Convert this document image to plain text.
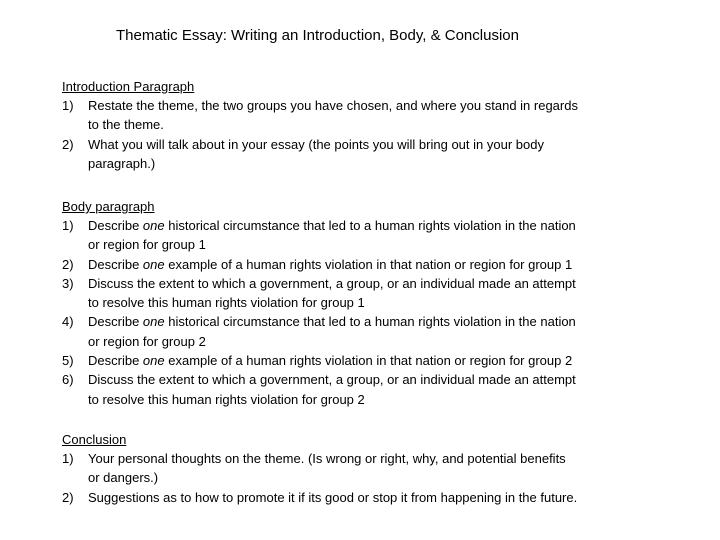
Thematic Essay: Writing an Introduction, Body, & Conclusion
Introduction Paragraph
1)	Restate the theme, the two groups you have chosen, and where you stand in regards
to the theme.
2)	What you will talk about in your essay (the points you will bring out in your body
paragraph.)
Body paragraph
1)	Describe one historical circumstance that led to a human rights violation in the nation
or region for group 1
2)	Describe one example of a human rights violation in that nation or region for group 1
3)	Discuss the extent to which a government, a group, or an individual made an attempt
to resolve this human rights violation for group 1
4)	Describe one historical circumstance that led to a human rights violation in the nation
or region for group 2
5)	Describe one example of a human rights violation in that nation or region for group 2
6)	Discuss the extent to which a government, a group, or an individual made an attempt
to resolve this human rights violation for group 2
Conclusion
1)	Your personal thoughts on the theme. (Is wrong or right, why, and potential benefits
or dangers.)
2)	Suggestions as to how to promote it if its good or stop it from happening in the future.
